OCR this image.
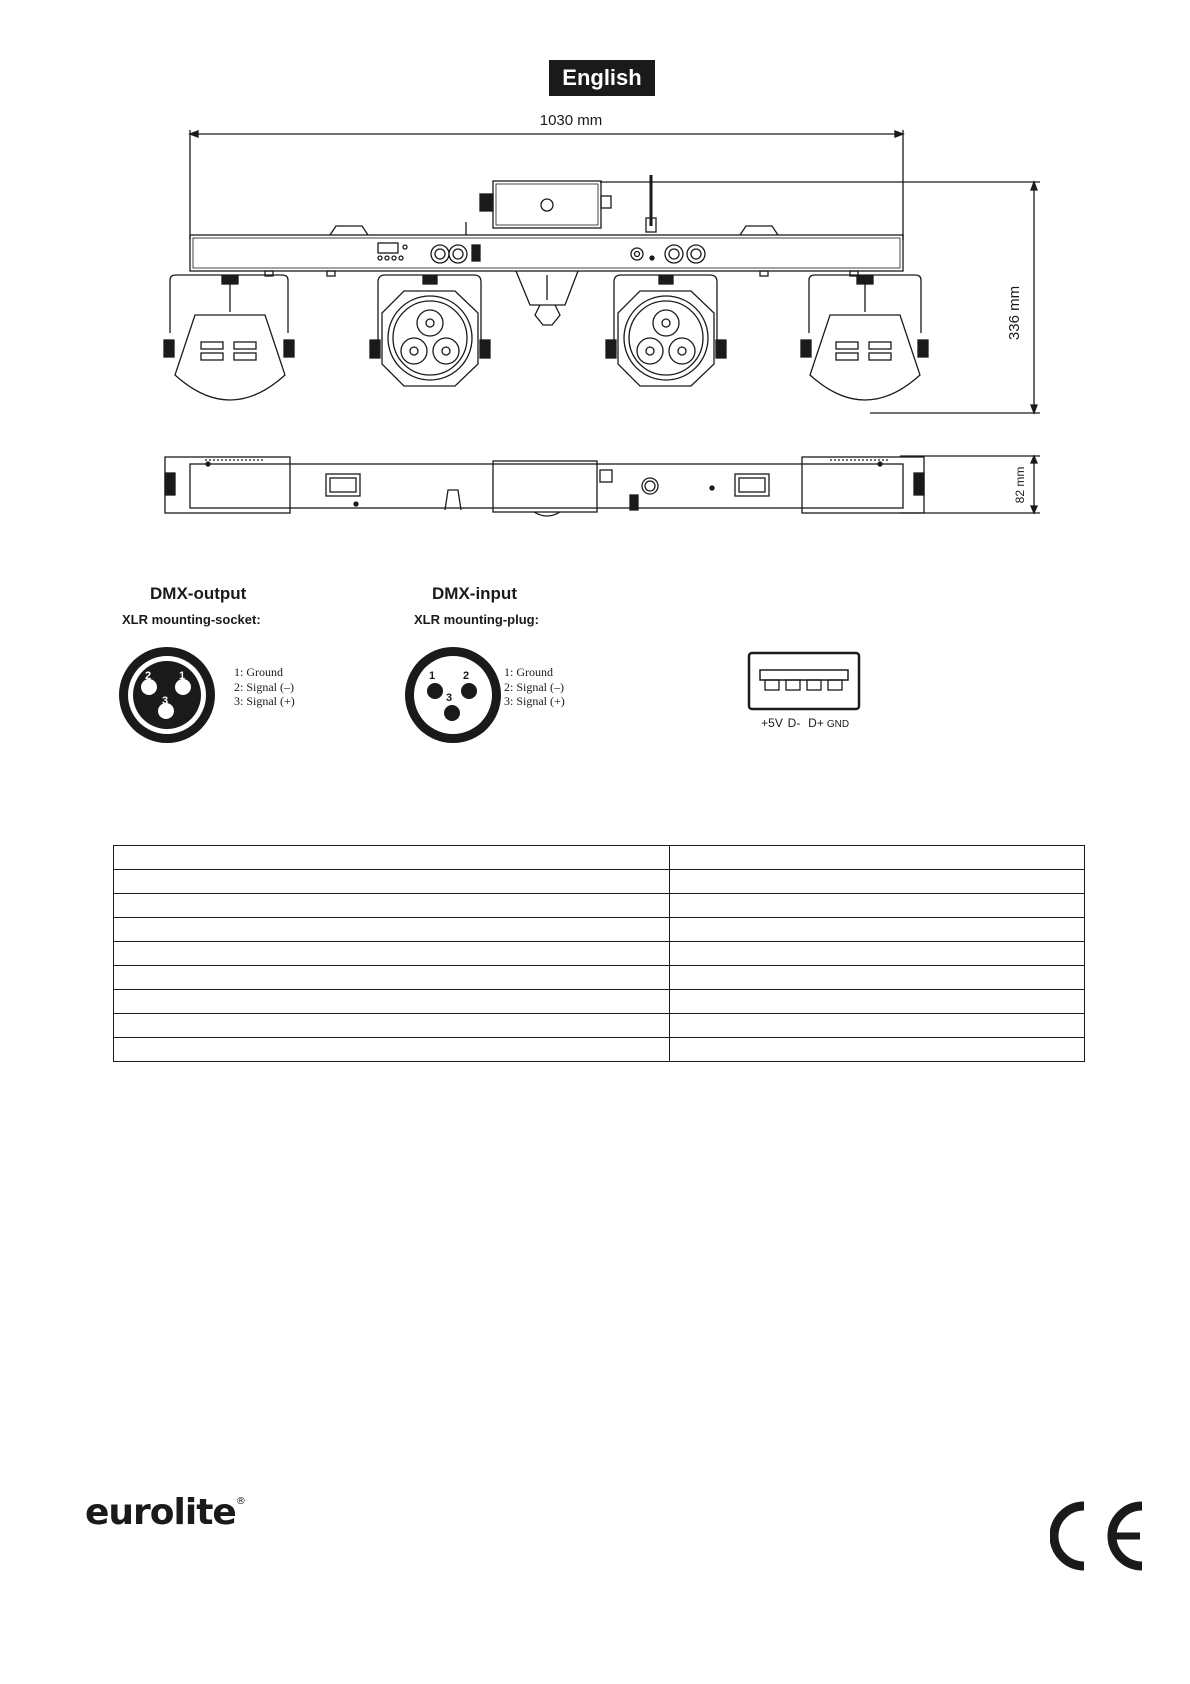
English
1030 mm
336 mm
82 mm
DMX-output
XLR mounting-socket:
2	1
3
1: Ground
2: Signal (–)
3: Signal (+)
DMX-input
XLR mounting-plug:
1	2
3
1: Ground
2: Signal (–)
3: Signal (+)
+5V D- D+ GND

eurolite®
